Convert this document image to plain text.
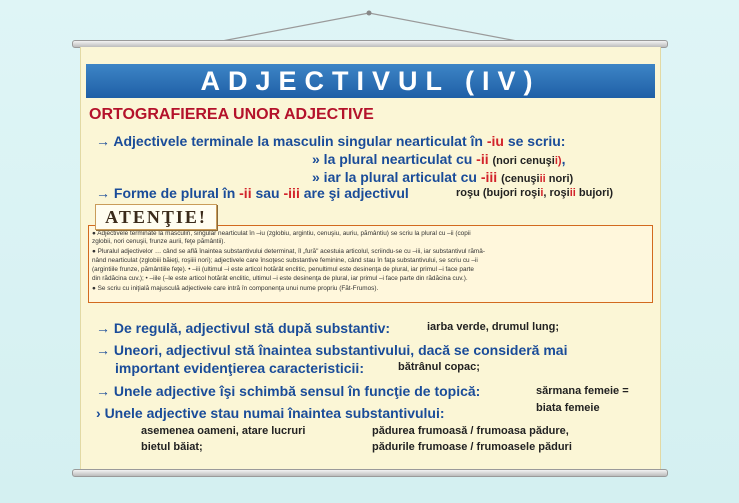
ADJECTIVUL (IV)
ORTOGRAFIEREA UNOR ADJECTIVE
→ Adjectivele terminale la masculin singular nearticulat în -iu se scriu:
» la plural nearticulat cu -ii (nori cenuşii),
» iar la plural articulat cu -iii (cenuşiii nori)
→ Forme de plural în -ii sau -iii are şi adjectivul	roşu (bujori roşii, roşiii bujori)
● Adjectivele terminate la masculin, singular nearticulat în –iu (zglobiu, argintiu, cenuşiu, auriu, pământiu) se scriu la plural cu –ii (copii
zglobii, nori cenuşii, frunze aurii, feţe pământii).
● Pluralul adjectivelor … când se află înaintea substantivului determinat, îl „fură" acestuia articolul, scriindu-se cu –iii, iar substantivul rămâ-
nând nearticulat (zglobiii băieţi, roşiiii nori); adjectivele care însoţesc substantive feminine, când stau în faţa substantivului, se scriu cu –ii
(argintiile frunze, pământiile feţe). • –iii (ultimul –i este articol hotărât enclitic, penultimul este desinenţa de plural, iar primul –i face parte
din rădăcina cuv.); • –iile (–le este articol hotărât enclitic, ultimul –i este desinenţa de plural, iar primul –i face parte din rădăcina cuv.).
● Se scriu cu iniţială majusculă adjectivele care intră în componenţa unui nume propriu (Făt-Frumos).
ATENŢIE!
→ De regulă, adjectivul stă după substantiv:	iarba verde, drumul lung;
→ Uneori, adjectivul stă înaintea substantivului, dacă se consideră mai
important evidenţierea caracteristicii:	bătrânul copac;
→ Unele adjective îşi schimbă sensul în funcţie de topică:	sărmana femeie =
biata femeie
› Unele adjective stau numai înaintea substantivului:
asemenea oameni, atare lucruri
bietul băiat;
pădurea frumoasă / frumoasa pădure,
pădurile frumoase / frumoasele păduri
